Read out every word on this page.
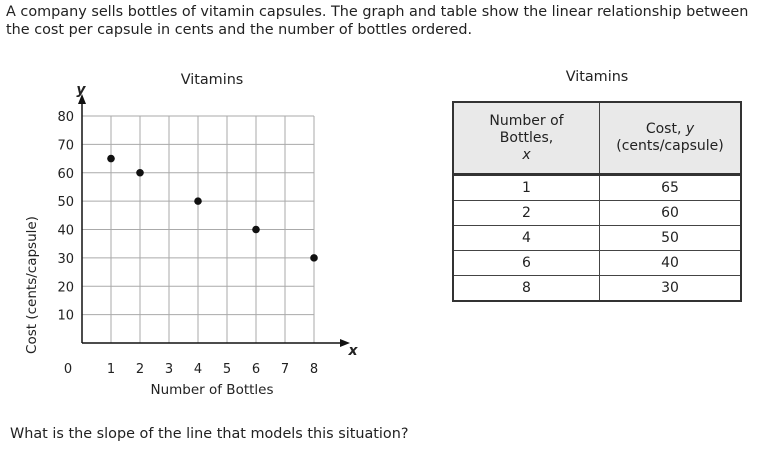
A company sells bottles of vitamin capsules. The graph and table show the linear relationship between the cost per capsule in cents and the number of bottles ordered.

1 2 3 4 5 6 7 8
10
20
30
40
50
60
70
80
Vitamins
Number of Bottles
Cost (cents/capsule)
y
x
0
Vitamins
Number of
Bottles,
x	Cost, y
(cents/capsule)
1	65
2	60
4	50
6	40
8	30

What is the slope of the line that models this situation?
